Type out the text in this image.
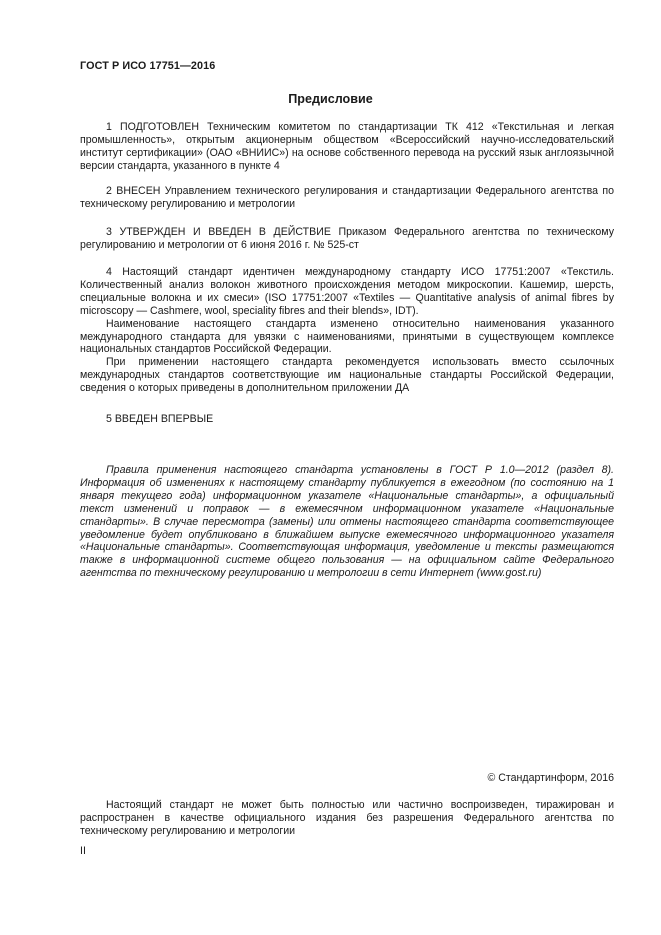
ГОСТ Р ИСО 17751—2016
Предисловие

1 ПОДГОТОВЛЕН Техническим комитетом по стандартизации ТК 412 «Текстильная и легкая промышленность», открытым акционерным обществом «Всероссийский научно-исследовательский институт сертификации» (ОАО «ВНИИС») на основе собственного перевода на русский язык англоязычной версии стандарта, указанного в пункте 4

2 ВНЕСЕН Управлением технического регулирования и стандартизации Федерального агентства по техническому регулированию и метрологии

3 УТВЕРЖДЕН И ВВЕДЕН В ДЕЙСТВИЕ Приказом Федерального агентства по техническому регулированию и метрологии от 6 июня 2016 г. № 525-ст

4 Настоящий стандарт идентичен международному стандарту ИСО 17751:2007 «Текстиль. Количественный анализ волокон животного происхождения методом микроскопии. Кашемир, шерсть, специальные волокна и их смеси» (ISO 17751:2007 «Textiles — Quantitative analysis of animal fibres by microscopy — Cashmere, wool, speciality fibres and their blends», IDT).

Наименование настоящего стандарта изменено относительно наименования указанного международного стандарта для увязки с наименованиями, принятыми в существующем комплексе национальных стандартов Российской Федерации.

При применении настоящего стандарта рекомендуется использовать вместо ссылочных международных стандартов соответствующие им национальные стандарты Российской Федерации, сведения о которых приведены в дополнительном приложении ДА

5 ВВЕДЕН ВПЕРВЫЕ

Правила применения настоящего стандарта установлены в ГОСТ Р 1.0—2012 (раздел 8). Информация об изменениях к настоящему стандарту публикуется в ежегодном (по состоянию на 1 января текущего года) информационном указателе «Национальные стандарты», а официальный текст изменений и поправок — в ежемесячном информационном указателе «Национальные стандарты». В случае пересмотра (замены) или отмены настоящего стандарта соответствующее уведомление будет опубликовано в ближайшем выпуске ежемесячного информационного указателя «Национальные стандарты». Соответствующая информация, уведомление и тексты размещаются также в информационной системе общего пользования — на официальном сайте Федерального агентства по техническому регулированию и метрологии в сети Интернет (www.gost.ru)

© Стандартинформ, 2016

Настоящий стандарт не может быть полностью или частично воспроизведен, тиражирован и распространен в качестве официального издания без разрешения Федерального агентства по техническому регулированию и метрологии

II
